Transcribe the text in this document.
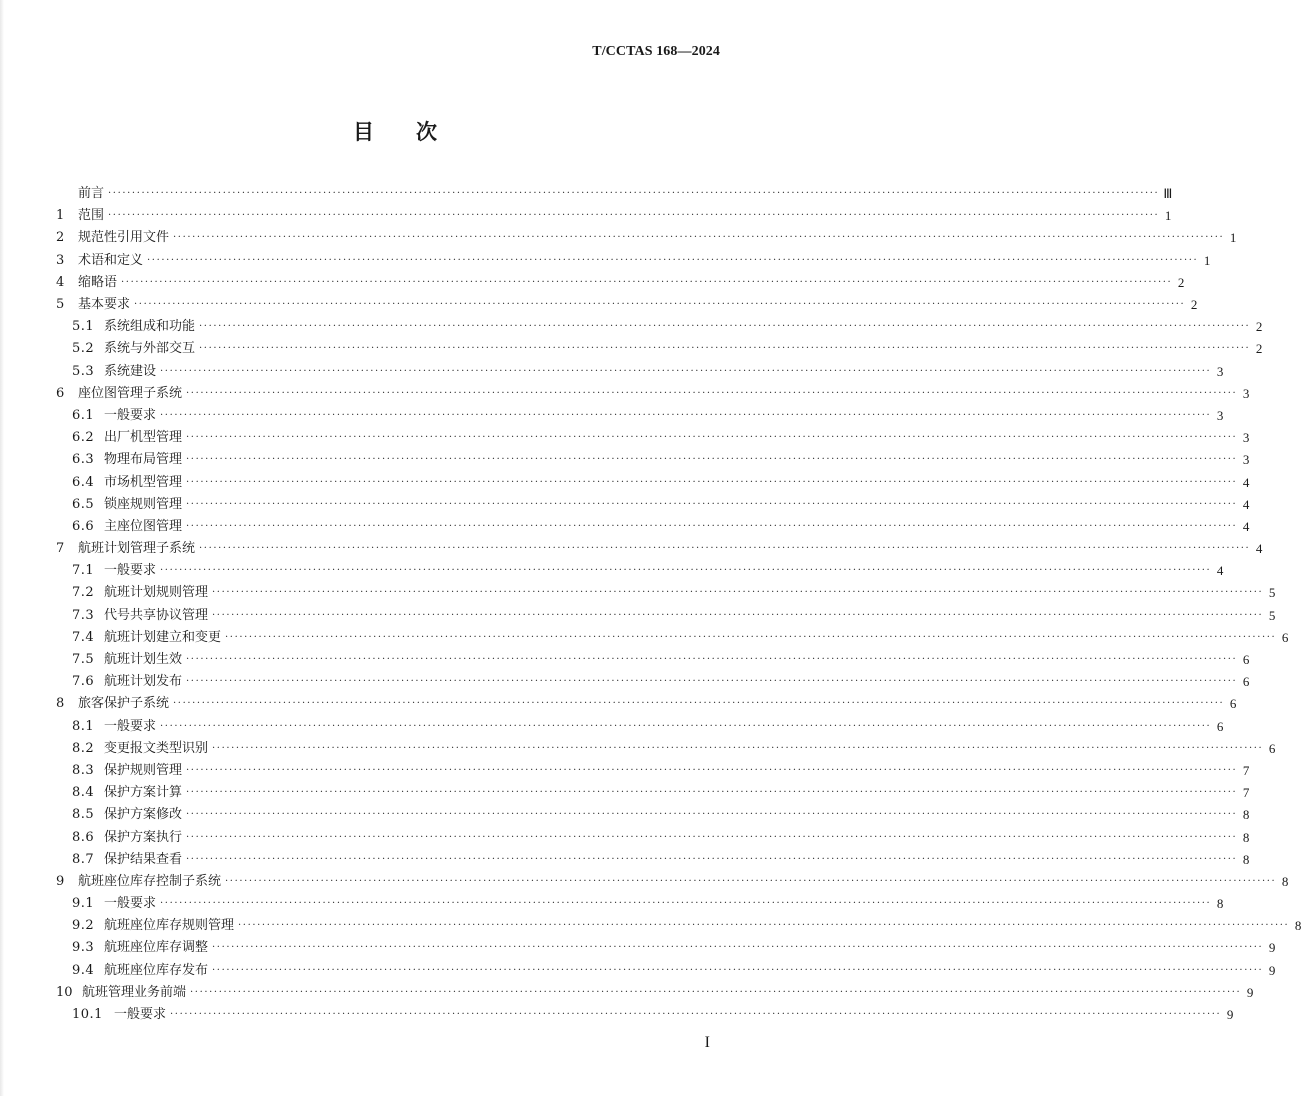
T/CCTAS 168—2024
目次
前言 ···························································································································································································································· Ⅲ
1	范围 ···························································································································································································································· 1
2	规范性引用文件 ···························································································································································································································· 1
3	术语和定义 ···························································································································································································································· 1
4	缩略语 ···························································································································································································································· 2
5	基本要求 ···························································································································································································································· 2
5.1 系统组成和功能 ···························································································································································································································· 2
5.2 系统与外部交互 ···························································································································································································································· 2
5.3 系统建设 ···························································································································································································································· 3
6	座位图管理子系统 ···························································································································································································································· 3
6.1 一般要求 ···························································································································································································································· 3
6.2 出厂机型管理 ···························································································································································································································· 3
6.3 物理布局管理 ···························································································································································································································· 3
6.4 市场机型管理 ···························································································································································································································· 4
6.5 锁座规则管理 ···························································································································································································································· 4
6.6 主座位图管理 ···························································································································································································································· 4
7	航班计划管理子系统 ···························································································································································································································· 4
7.1 一般要求 ···························································································································································································································· 4
7.2 航班计划规则管理 ···························································································································································································································· 5
7.3 代号共享协议管理 ···························································································································································································································· 5
7.4 航班计划建立和变更 ···························································································································································································································· 6
7.5 航班计划生效 ···························································································································································································································· 6
7.6 航班计划发布 ···························································································································································································································· 6
8	旅客保护子系统 ···························································································································································································································· 6
8.1 一般要求 ···························································································································································································································· 6
8.2 变更报文类型识别 ···························································································································································································································· 6
8.3 保护规则管理 ···························································································································································································································· 7
8.4 保护方案计算 ···························································································································································································································· 7
8.5 保护方案修改 ···························································································································································································································· 8
8.6 保护方案执行 ···························································································································································································································· 8
8.7 保护结果查看 ···························································································································································································································· 8
9	航班座位库存控制子系统 ···························································································································································································································· 8
9.1 一般要求 ···························································································································································································································· 8
9.2 航班座位库存规则管理 ···························································································································································································································· 8
9.3 航班座位库存调整 ···························································································································································································································· 9
9.4 航班座位库存发布 ···························································································································································································································· 9
10 航班管理业务前端 ···························································································································································································································· 9
10.1 一般要求 ···························································································································································································································· 9
I
